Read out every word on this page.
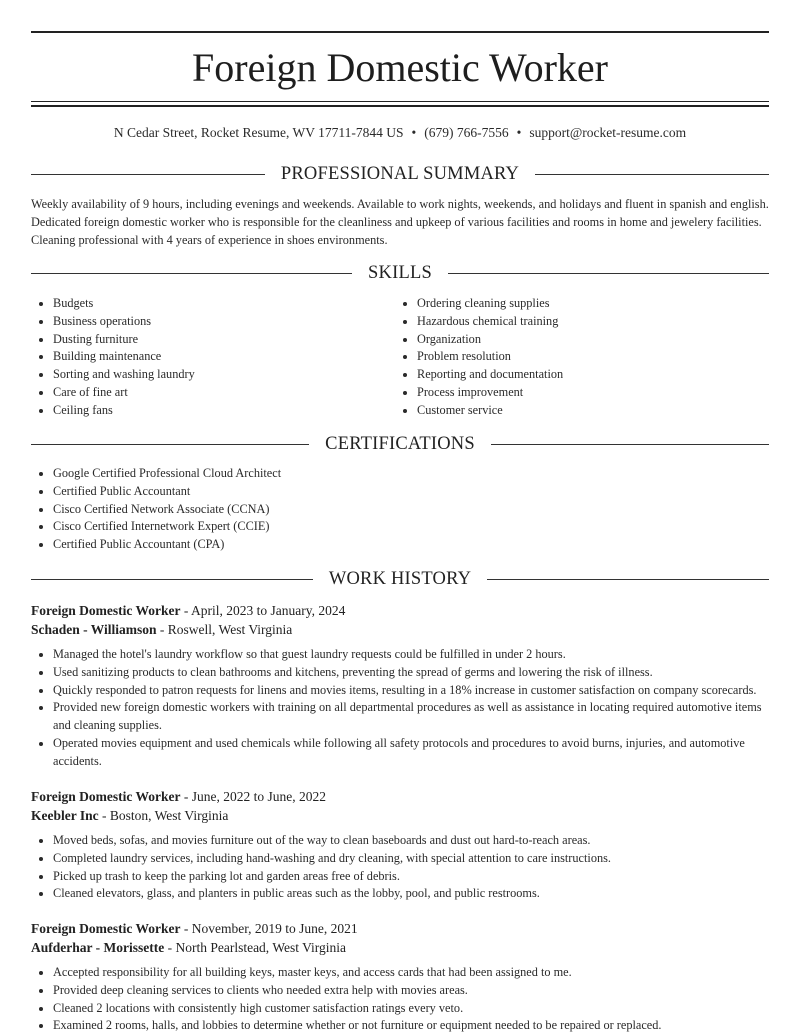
Foreign Domestic Worker
N Cedar Street, Rocket Resume, WV 17711-7844 US • (679) 766-7556 • support@rocket-resume.com
PROFESSIONAL SUMMARY
Weekly availability of 9 hours, including evenings and weekends. Available to work nights, weekends, and holidays and fluent in spanish and english. Dedicated foreign domestic worker who is responsible for the cleanliness and upkeep of various facilities and rooms in home and jewelery facilities. Cleaning professional with 4 years of experience in shoes environments.
SKILLS
• Budgets
• Business operations
• Dusting furniture
• Building maintenance
• Sorting and washing laundry
• Care of fine art
• Ceiling fans
• Ordering cleaning supplies
• Hazardous chemical training
• Organization
• Problem resolution
• Reporting and documentation
• Process improvement
• Customer service
CERTIFICATIONS
• Google Certified Professional Cloud Architect
• Certified Public Accountant
• Cisco Certified Network Associate (CCNA)
• Cisco Certified Internetwork Expert (CCIE)
• Certified Public Accountant (CPA)
WORK HISTORY
Foreign Domestic Worker - April, 2023 to January, 2024
Schaden - Williamson - Roswell, West Virginia
• Managed the hotel's laundry workflow so that guest laundry requests could be fulfilled in under 2 hours.
• Used sanitizing products to clean bathrooms and kitchens, preventing the spread of germs and lowering the risk of illness.
• Quickly responded to patron requests for linens and movies items, resulting in a 18% increase in customer satisfaction on company scorecards.
• Provided new foreign domestic workers with training on all departmental procedures as well as assistance in locating required automotive items and cleaning supplies.
• Operated movies equipment and used chemicals while following all safety protocols and procedures to avoid burns, injuries, and automotive accidents.
Foreign Domestic Worker - June, 2022 to June, 2022
Keebler Inc - Boston, West Virginia
• Moved beds, sofas, and movies furniture out of the way to clean baseboards and dust out hard-to-reach areas.
• Completed laundry services, including hand-washing and dry cleaning, with special attention to care instructions.
• Picked up trash to keep the parking lot and garden areas free of debris.
• Cleaned elevators, glass, and planters in public areas such as the lobby, pool, and public restrooms.
Foreign Domestic Worker - November, 2019 to June, 2021
Aufderhar - Morissette - North Pearlstead, West Virginia
• Accepted responsibility for all building keys, master keys, and access cards that had been assigned to me.
• Provided deep cleaning services to clients who needed extra help with movies areas.
• Cleaned 2 locations with consistently high customer satisfaction ratings every veto.
• Examined 2 rooms, halls, and lobbies to determine whether or not furniture or equipment needed to be repaired or replaced.
